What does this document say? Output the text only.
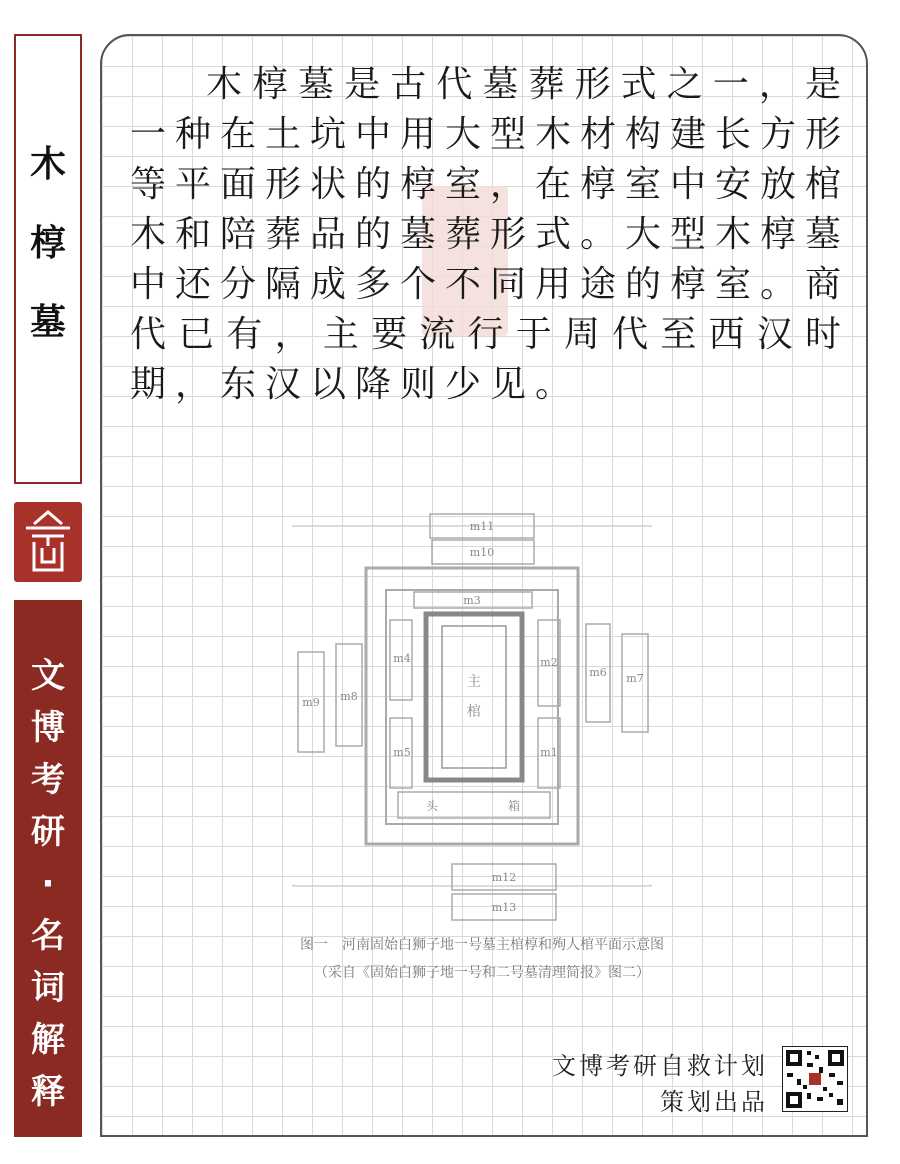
木
椁
墓
文
博
考
研
·
名
词
解
释
木椁墓是古代墓葬形式之一，是一种在土坑中用大型木材构建长方形等平面形状的椁室，在椁室中安放棺木和陪葬品的墓葬形式。大型木椁墓中还分隔成多个不同用途的椁室。商代已有，主要流行于周代至西汉时期，东汉以降则少见。
主
棺
头	箱
m11
m10
m3
m4
m5
m2
m1
m6 m7
m8
m9
m12
m13
图一　河南固始白狮子地一号墓主棺椁和殉人棺平面示意图
（采自《固始白狮子地一号和二号墓清理简报》图二）
文博考研自救计划
策划出品
